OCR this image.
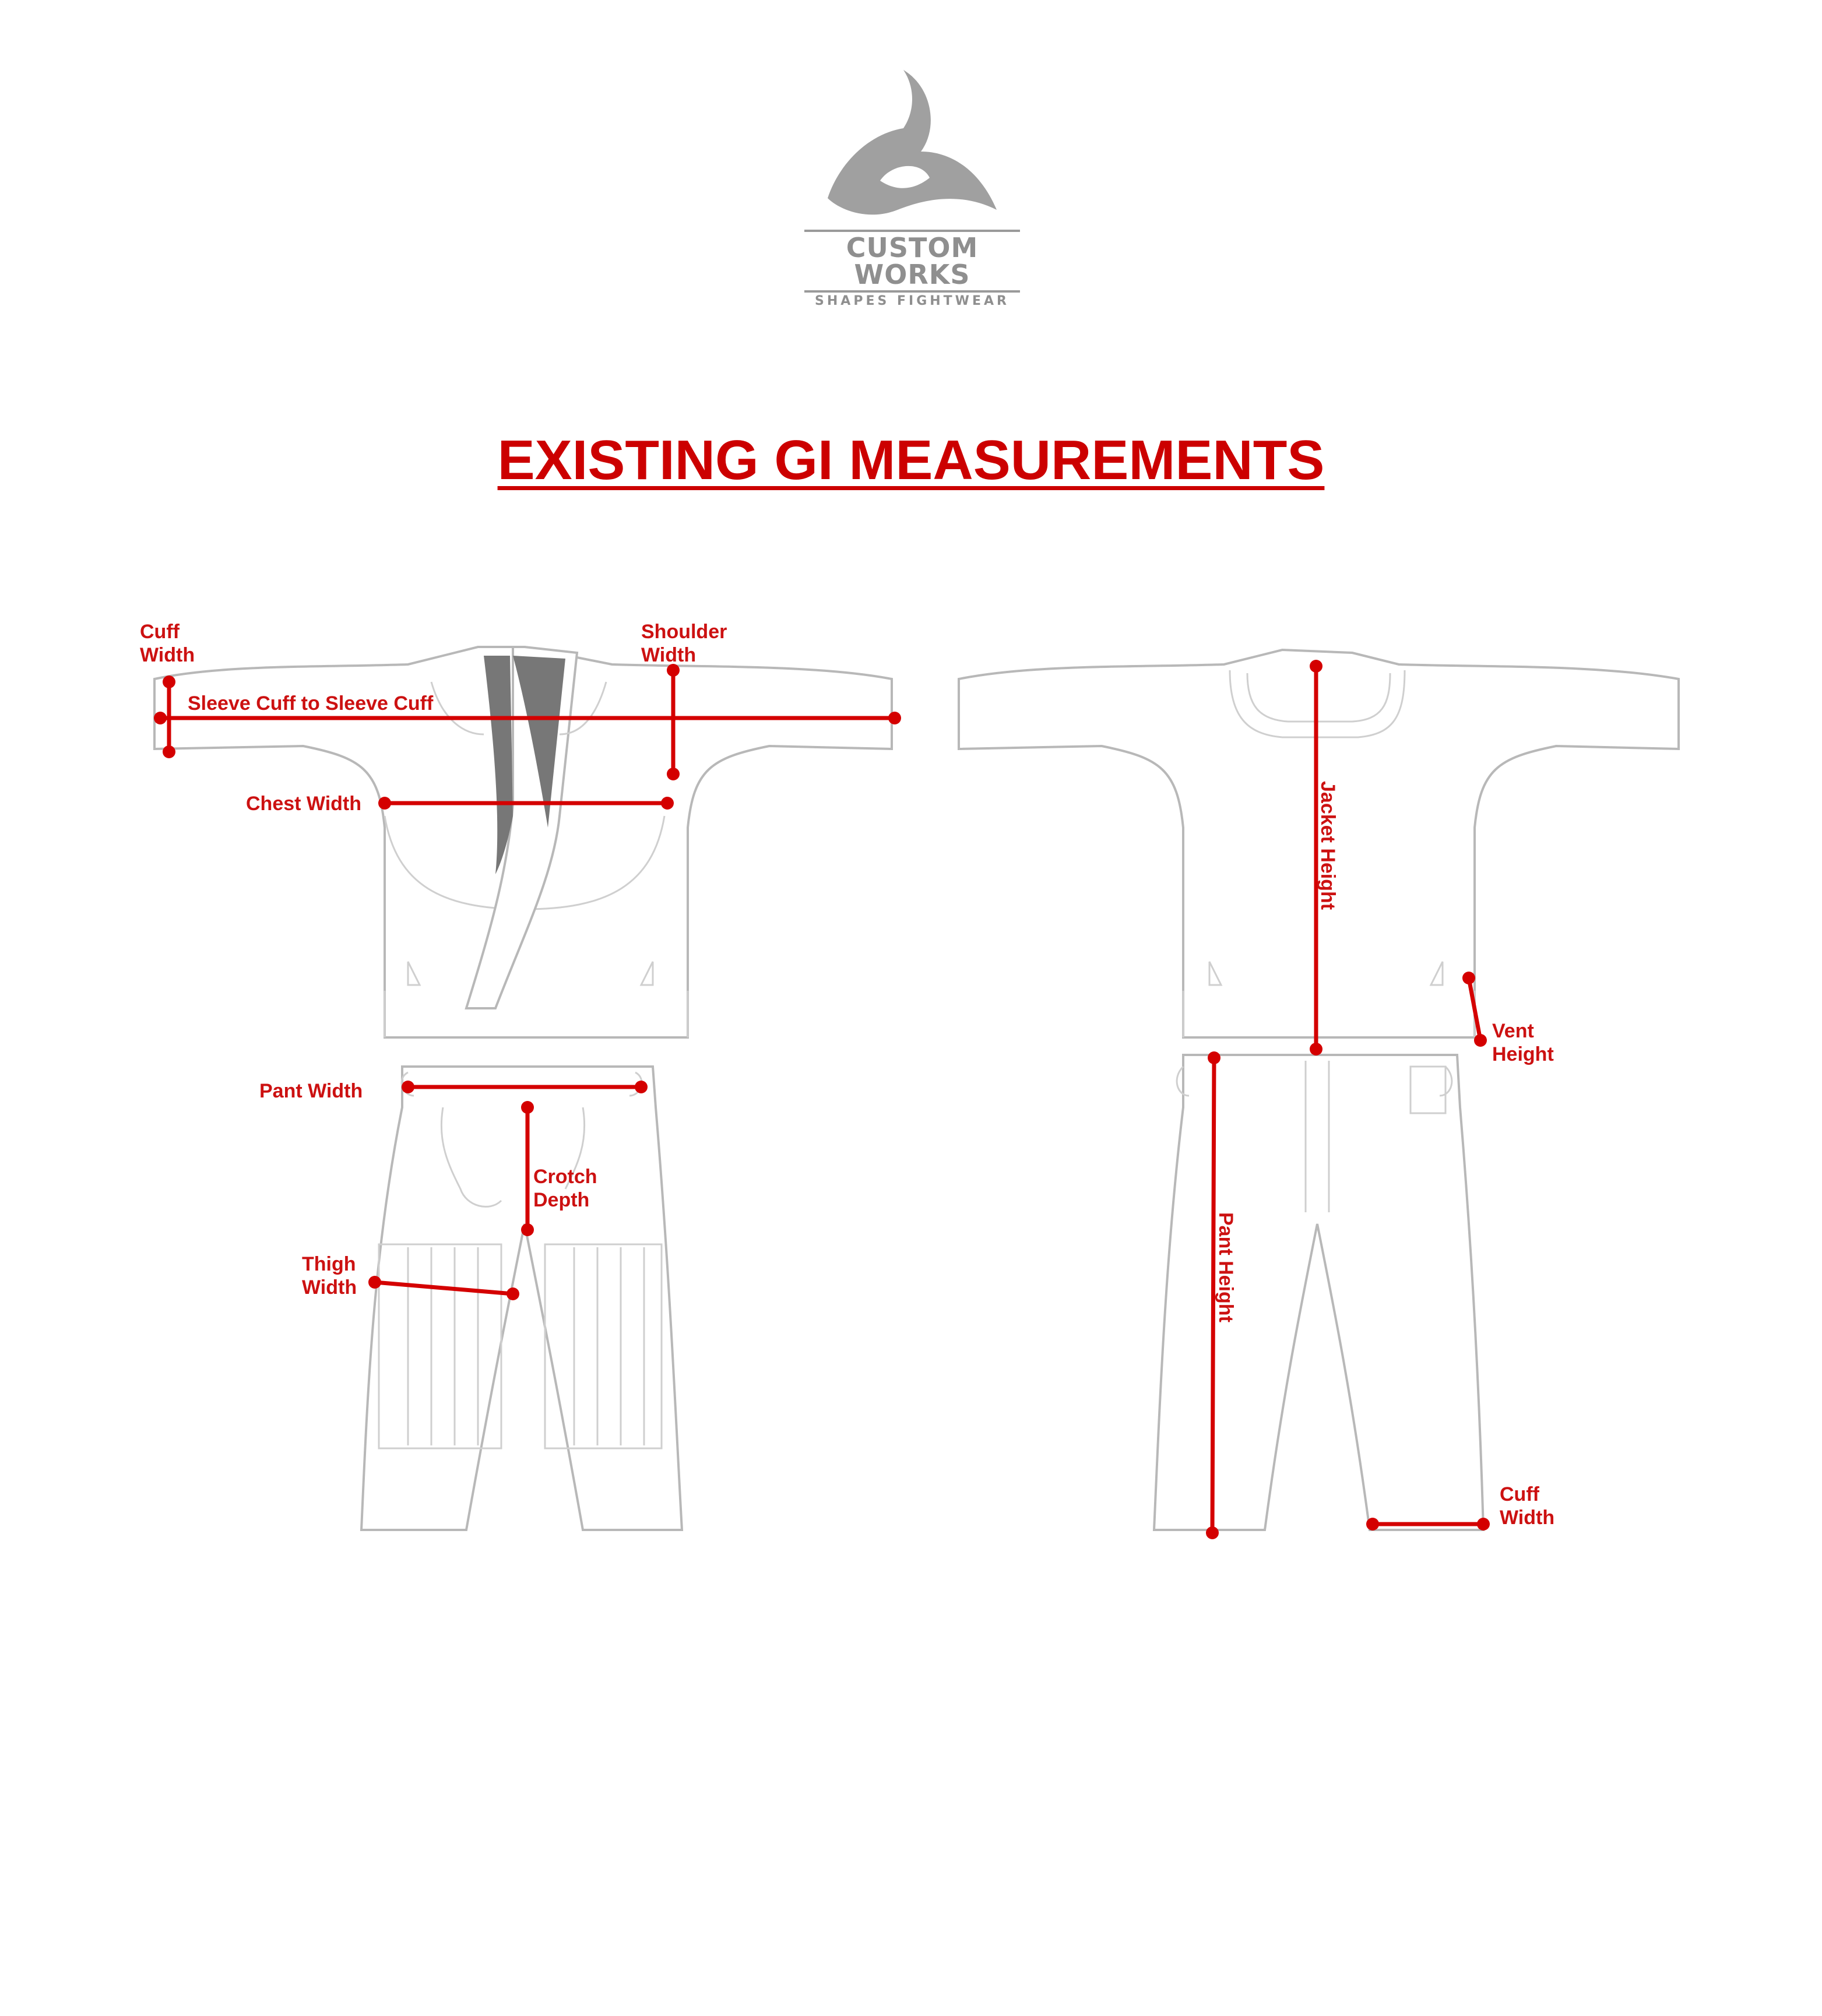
CUSTOM
WORKS
SHAPES FIGHTWEAR
EXISTING GI MEASUREMENTS
Cuff
Width
Shoulder
Width
Sleeve Cuff to Sleeve Cuff
Chest Width
Pant Width
Crotch
Depth
Thigh
Width
Jacket Height
Vent
Height
Pant Height
Cuff
Width
